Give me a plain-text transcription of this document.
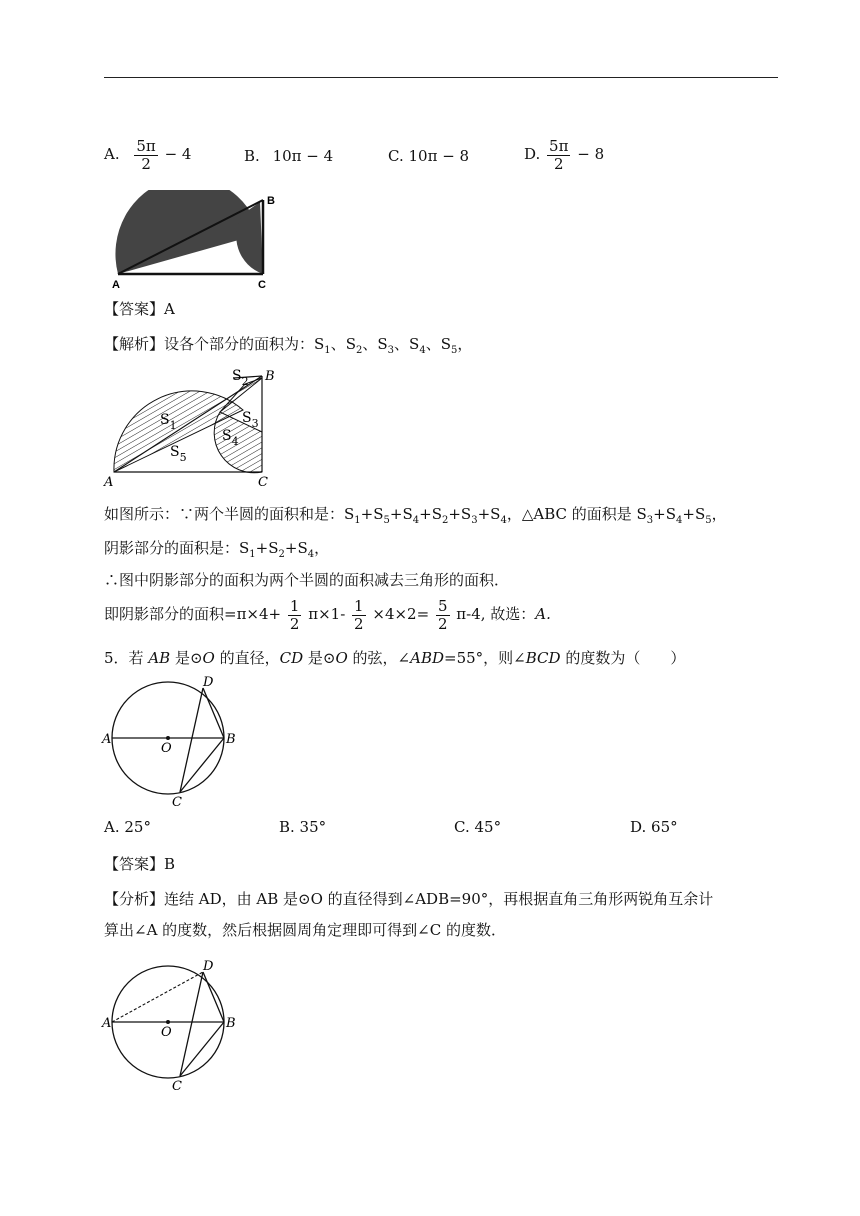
A. $\frac{5\pi}{2} - 4$	B. 10π − 4	C. 10π − 8	D. $\frac{5\pi}{2} - 8$
A
B
C
【答案】A
【解析】设各个部分的面积为：$S_1$、$S_2$、$S_3$、$S_4$、$S_5$，
A
B
C
$S_1$
$S_2$
$S_3$
$S_4$
$S_5$
如图所示：∵两个半圆的面积和是：$S_1+S_5+S_4+S_2+S_3+S_4$，△ABC 的面积是 $S_3+S_4+S_5$，
阴影部分的面积是：$S_1+S_2+S_4$，
∴图中阴影部分的面积为两个半圆的面积减去三角形的面积．
即阴影部分的面积$=\pi\times 4+ \frac{1}{2} \pi\times 1- \frac{1}{2} \times 4\times 2= \frac{5}{2} \pi-4$, 故选：A.
5．若 AB 是⊙O 的直径，CD 是⊙O 的弦，∠ABD=55°，则∠BCD 的度数为（　　）
A	B
C
D
O
A. 25°	B. 35°	C. 45°	D. 65°
【答案】B
【分析】连结 AD，由 AB 是⊙O 的直径得到∠ADB=90°，再根据直角三角形两锐角互余计
算出∠A 的度数，然后根据圆周角定理即可得到∠C 的度数．
A	B
C
D
O
